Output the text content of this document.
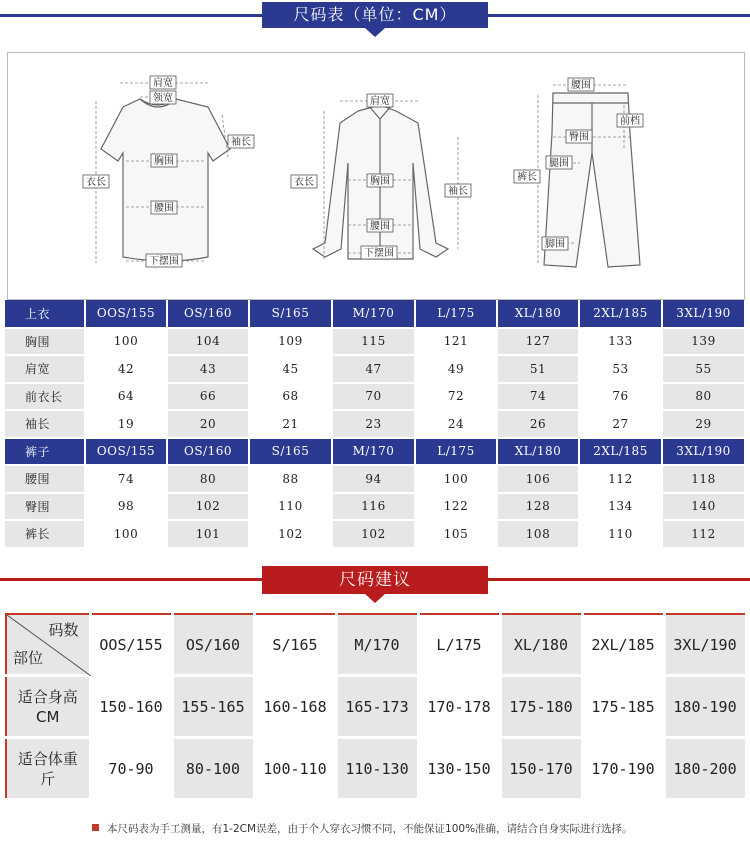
尺码表（单位：CM）
肩宽
领宽
袖长
衣长
胸围
腰围
下摆围
肩宽
衣长	胸围
袖长
腰围
下摆围
腰围
前档
臀围
裤长
腿围
脚围
上衣	OOS/155	OS/160	S/165	M/170	L/175	XL/180	2XL/185	3XL/190
胸围	100	104	109	115	121	127	133	139
肩宽	42	43	45	47	49	51	53	55
前衣长	64	66	68	70	72	74	76	80
袖长	19	20	21	23	24	26	27	29
裤子	OOS/155	OS/160	S/165	M/170	L/175	XL/180	2XL/185	3XL/190
腰围	74	80	88	94	100	106	112	118
臀围	98	102	110	116	122	128	134	140
裤长	100	101	102	102	105	108	110	112
尺码建议
码数
部位	OOS/155	OS/160	S/165	M/170	L/175	XL/180	2XL/185	3XL/190

适合身高
CM	150-160	155-165	160-168	165-173	170-178	175-180	175-185	180-190

适合体重
斤	70-90	80-100	100-110	110-130	130-150	150-170	170-190	180-200
本尺码表为手工测量，有1-2CM误差，由于个人穿衣习惯不同，不能保证100%准确，请结合自身实际进行选择。
